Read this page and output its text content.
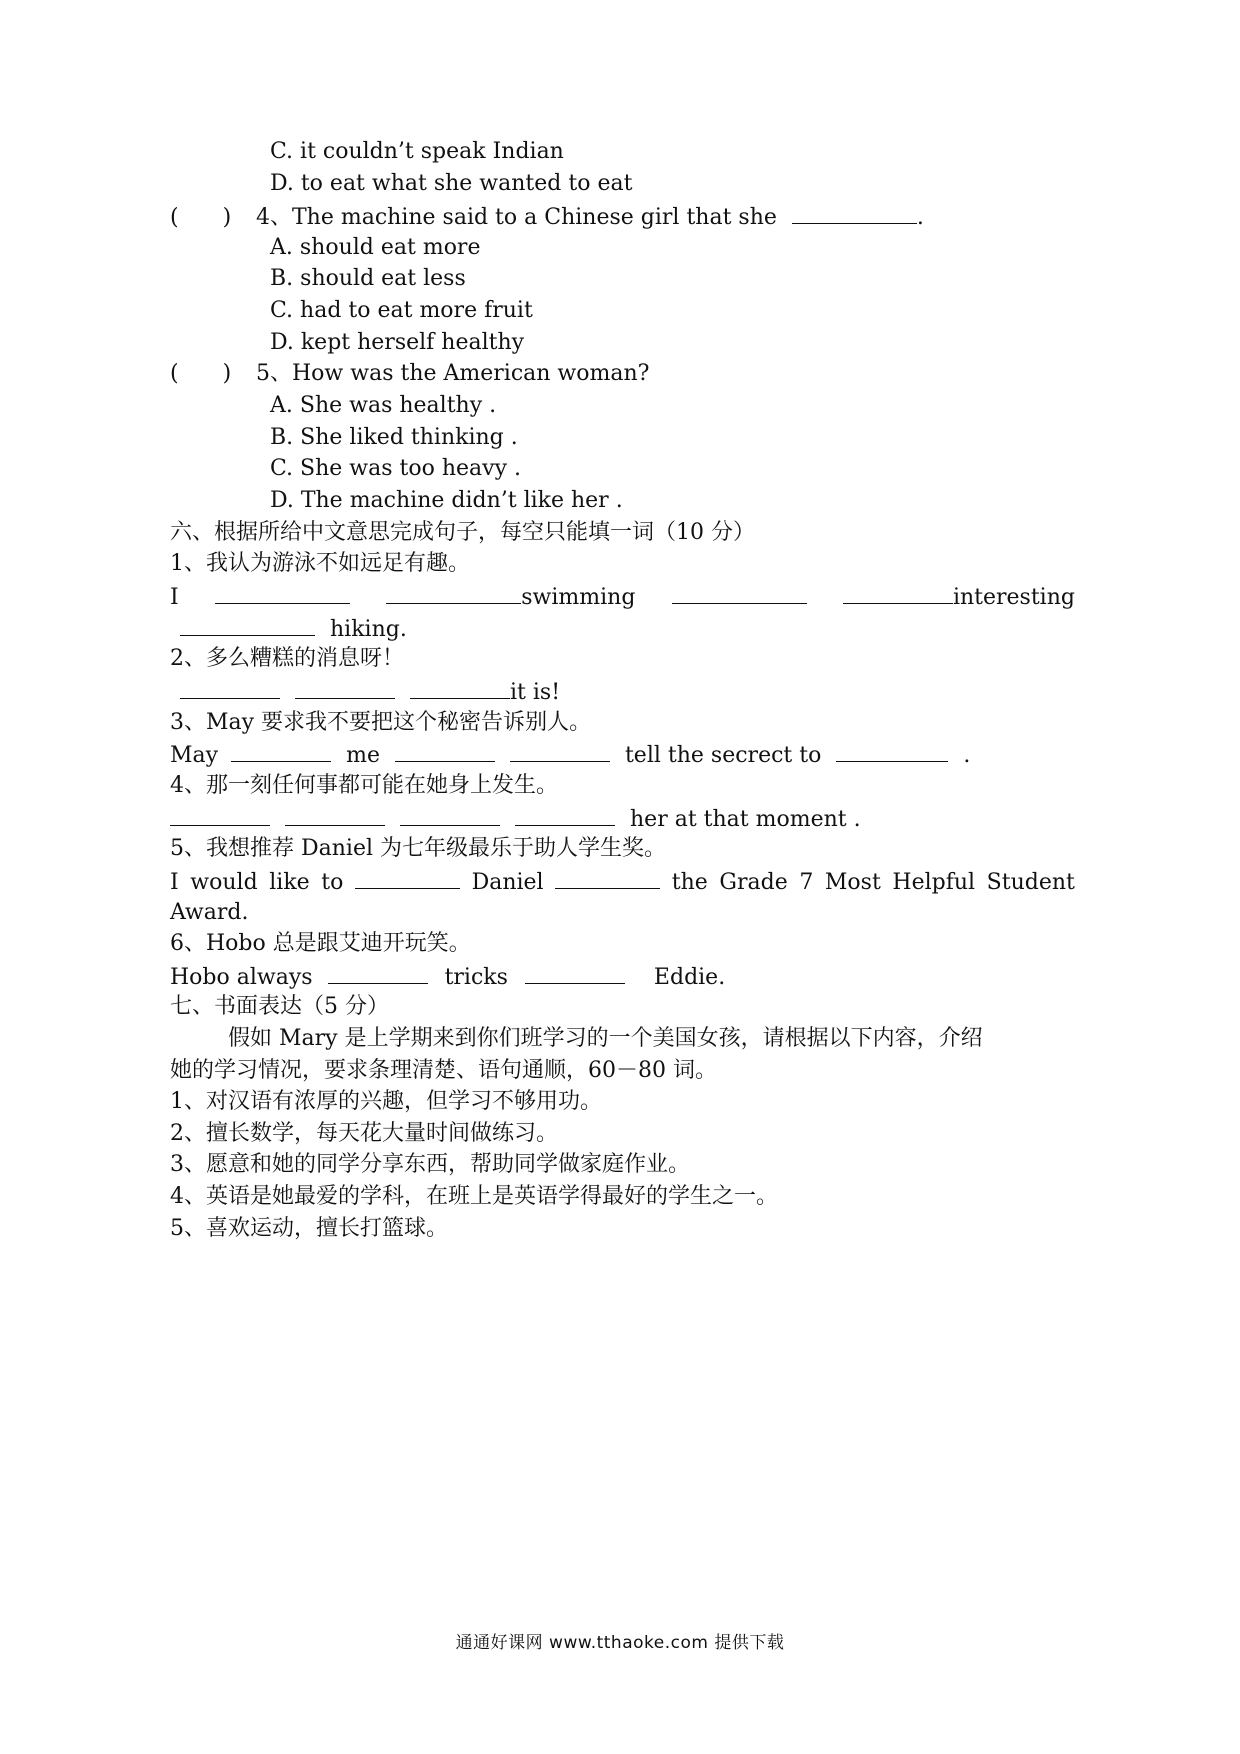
C. it couldn’t speak Indian
D. to eat what she wanted to eat
(　　) 4、The machine said to a Chinese girl that she	.
A. should eat more
B. should eat less
C. had to eat more fruit
D. kept herself healthy
(　　) 5、How was the American woman?
A. She was healthy .
B. She liked thinking .
C. She was too heavy .
D. The machine didn’t like her .
六、根据所给中文意思完成句子，每空只能填一词（10 分）
1、我认为游泳不如远足有趣。
I	swimming	interesting
hiking.
2、多么糟糕的消息呀！
it is!
3、May 要求我不要把这个秘密告诉别人。
May	me	tell the secrect to	.
4、那一刻任何事都可能在她身上发生。
her at that moment .
5、我想推荐 Daniel 为七年级最乐于助人学生奖。
I would like to	Daniel	the Grade 7 Most Helpful Student
Award.
6、Hobo 总是跟艾迪开玩笑。
Hobo always	tricks	Eddie.
七、书面表达（5 分）
假如 Mary 是上学期来到你们班学习的一个美国女孩，请根据以下内容，介绍
她的学习情况，要求条理清楚、语句通顺，60－80 词。
1、对汉语有浓厚的兴趣，但学习不够用功。
2、擅长数学，每天花大量时间做练习。
3、愿意和她的同学分享东西，帮助同学做家庭作业。
4、英语是她最爱的学科，在班上是英语学得最好的学生之一。
5、喜欢运动，擅长打篮球。
通通好课网 www.tthaoke.com 提供下载
